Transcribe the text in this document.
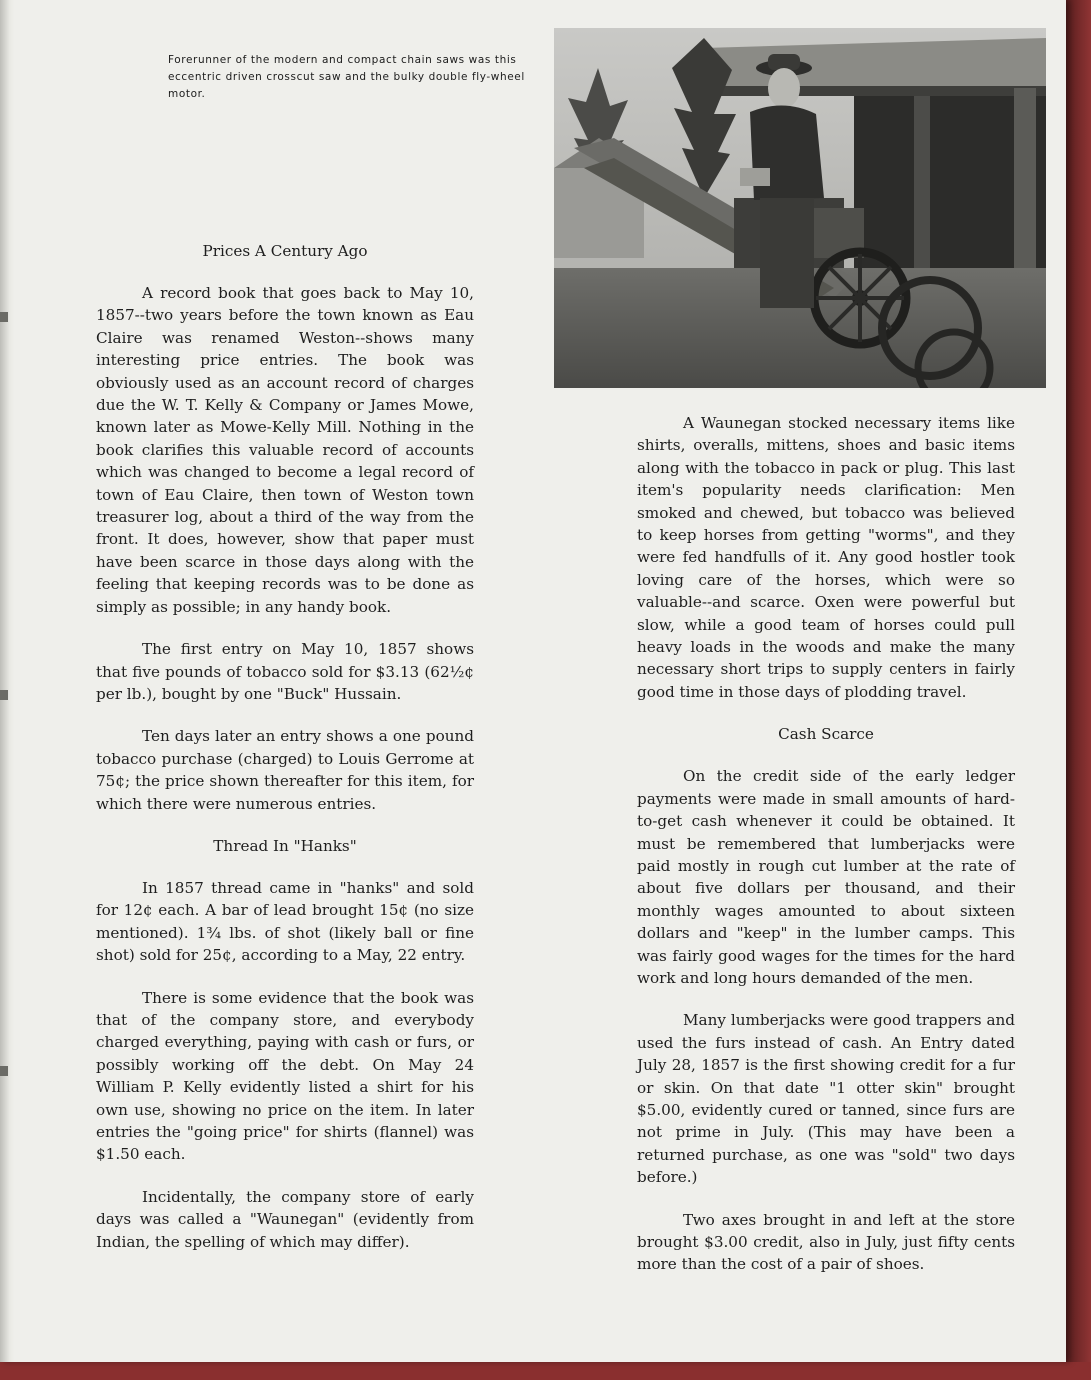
Forerunner of the modern and compact chain saws was this eccentric driven crosscut saw and the bulky double fly-wheel motor.

Prices A Century Ago

A record book that goes back to May 10, 1857--two years before the town known as Eau Claire was renamed Weston--shows many interesting price entries. The book was obviously used as an account record of charges due the W. T. Kelly & Company or James Mowe, known later as Mowe-Kelly Mill. Nothing in the book clarifies this valuable record of accounts which was changed to become a legal record of town of Eau Claire, then town of Weston town treasurer log, about a third of the way from the front. It does, however, show that paper must have been scarce in those days along with the feeling that keeping records was to be done as simply as possible; in any handy book.

The first entry on May 10, 1857 shows that five pounds of tobacco sold for $3.13 (62½¢ per lb.), bought by one "Buck" Hussain.

Ten days later an entry shows a one pound tobacco purchase (charged) to Louis Gerrome at 75¢; the price shown thereafter for this item, for which there were numerous entries.

Thread In "Hanks"

In 1857 thread came in "hanks" and sold for 12¢ each. A bar of lead brought 15¢ (no size mentioned). 1¾ lbs. of shot (likely ball or fine shot) sold for 25¢, according to a May, 22 entry.

There is some evidence that the book was that of the company store, and everybody charged everything, paying with cash or furs, or possibly working off the debt. On May 24 William P. Kelly evidently listed a shirt for his own use, showing no price on the item. In later entries the "going price" for shirts (flannel) was $1.50 each.

Incidentally, the company store of early days was called a "Waunegan" (evidently from Indian, the spelling of which may differ).

A Waunegan stocked necessary items like shirts, overalls, mittens, shoes and basic items along with the tobacco in pack or plug. This last item's popularity needs clarification: Men smoked and chewed, but tobacco was believed to keep horses from getting "worms", and they were fed handfulls of it. Any good hostler took loving care of the horses, which were so valuable--and scarce. Oxen were powerful but slow, while a good team of horses could pull heavy loads in the woods and make the many necessary short trips to supply centers in fairly good time in those days of plodding travel.

Cash Scarce

On the credit side of the early ledger payments were made in small amounts of hard-to-get cash whenever it could be obtained. It must be remembered that lumberjacks were paid mostly in rough cut lumber at the rate of about five dollars per thousand, and their monthly wages amounted to about sixteen dollars and "keep" in the lumber camps. This was fairly good wages for the times for the hard work and long hours demanded of the men.

Many lumberjacks were good trappers and used the furs instead of cash. An Entry dated July 28, 1857 is the first showing credit for a fur or skin. On that date "1 otter skin" brought $5.00, evidently cured or tanned, since furs are not prime in July. (This may have been a returned purchase, as one was "sold" two days before.)

Two axes brought in and left at the store brought $3.00 credit, also in July, just fifty cents more than the cost of a pair of shoes.
